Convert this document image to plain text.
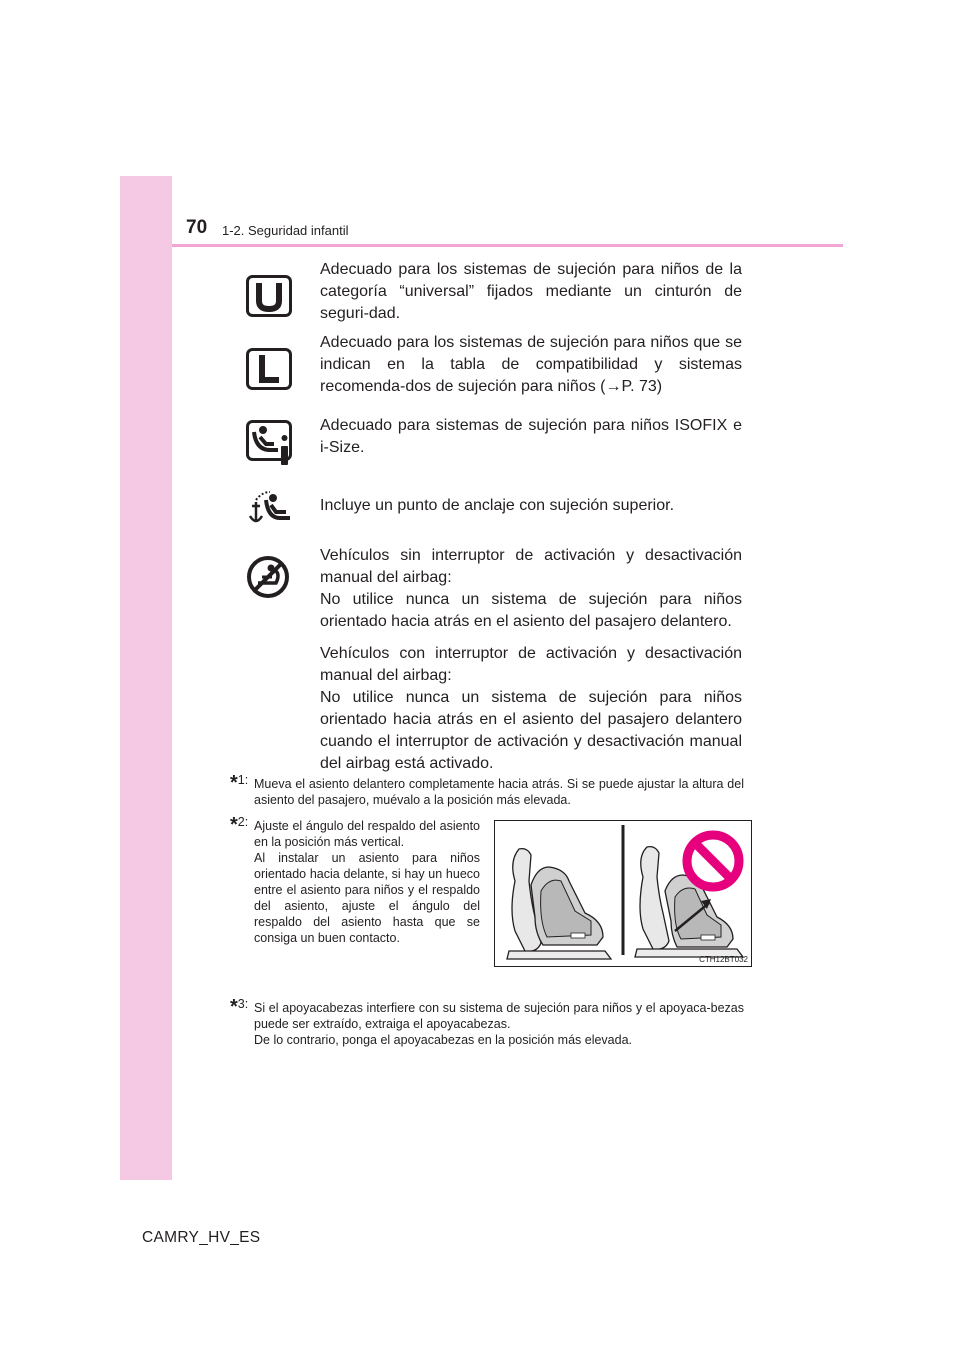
70 1-2. Seguridad infantil

Adecuado para los sistemas de sujeción para niños de la categoría “universal” fijados mediante un cinturón de seguri-dad.

Adecuado para los sistemas de sujeción para niños que se indican en la tabla de compatibilidad y sistemas recomenda-dos de sujeción para niños (→P. 73)

Adecuado para sistemas de sujeción para niños ISOFIX e i-Size.

Incluye un punto de anclaje con sujeción superior.

Vehículos sin interruptor de activación y desactivación manual del airbag:

No utilice nunca un sistema de sujeción para niños orientado hacia atrás en el asiento del pasajero delantero.

Vehículos con interruptor de activación y desactivación manual del airbag:

No utilice nunca un sistema de sujeción para niños orientado hacia atrás en el asiento del pasajero delantero cuando el interruptor de activación y desactivación manual del airbag está activado.

*1: Mueva el asiento delantero completamente hacia atrás. Si se puede ajustar la altura del asiento del pasajero, muévalo a la posición más elevada.
*2: Ajuste el ángulo del respaldo del asiento en la posición más vertical.
Al instalar un asiento para niños orientado hacia delante, si hay un hueco entre el asiento para niños y el respaldo del asiento, ajuste el ángulo del respaldo del asiento hasta que se consiga un buen contacto.
CTH12BT032
*3: Si el apoyacabezas interfiere con su sistema de sujeción para niños y el apoyaca-bezas puede ser extraído, extraiga el apoyacabezas.
De lo contrario, ponga el apoyacabezas en la posición más elevada.
CAMRY_HV_ES
